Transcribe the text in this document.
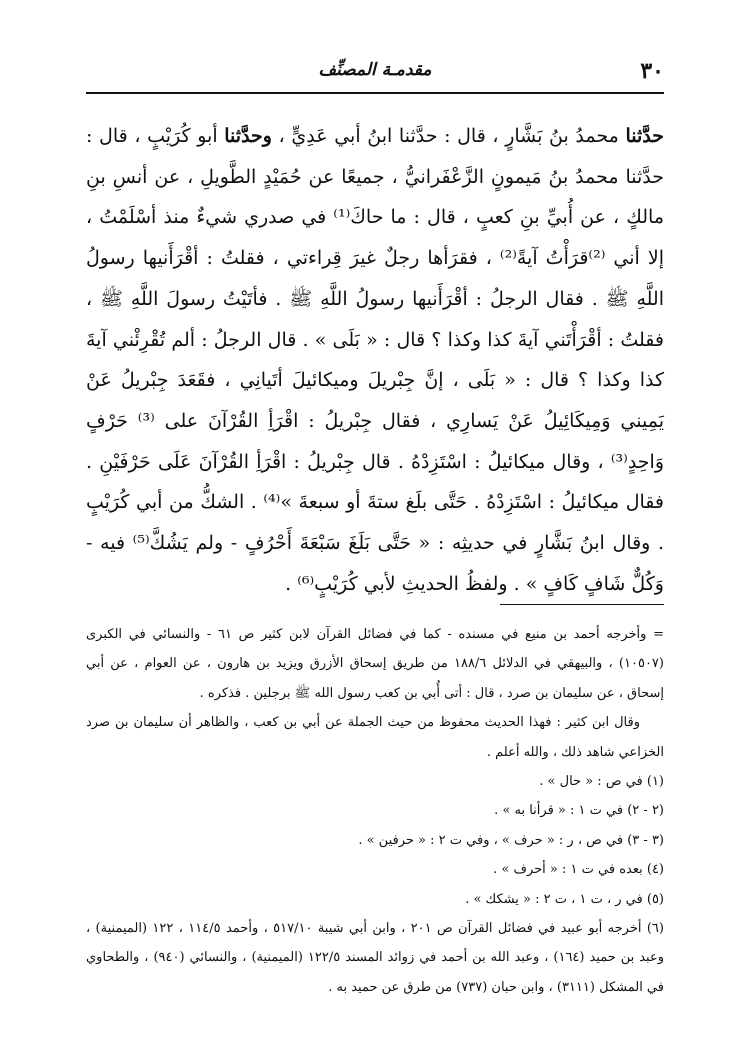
٣٠
مقدمـة المصنِّف

حدَّثنا محمدُ بنُ بَشَّارٍ ، قال : حدَّثنا ابنُ أبي عَدِيٍّ ، وحدَّثنا أبو كُرَيْبٍ ، قال : حدَّثنا محمدُ بنُ مَيمونٍ الزَّعْفَرانيُّ ، جميعًا عن حُمَيْدٍ الطَّويلِ ، عن أنسِ بنِ مالكٍ ، عن أُبيِّ بنِ كعبٍ ، قال : ما حاكَ⁽¹⁾ في صدري شيءٌ منذ أسْلَمْتُ ، إلا أني ⁽²⁾قرَأْتُ آيةً⁽²⁾ ، فقرَأها رجلٌ غيرَ قِراءتي ، فقلتُ : أقْرَأَنيها رسولُ اللَّهِ ﷺ . فقال الرجلُ : أقْرَأَنيها رسولُ اللَّهِ ﷺ . فأتَيْتُ رسولَ اللَّهِ ﷺ ، فقلتُ : أقْرَأْتَني آيةَ كذا وكذا ؟ قال : « بَلَى » . قال الرجلُ : ألم تُقْرِئْني آيةَ كذا وكذا ؟ قال : « بَلَى ، إنَّ جِبْريلَ وميكائيلَ أتَيانِي ، فقَعَدَ جِبْريلُ عَنْ يَمِيني وَمِيكَائِيلُ عَنْ يَسارِي ، فقال جِبْريلُ : اقْرَأِ القُرْآنَ على ⁽³⁾ حَرْفٍ وَاحِدٍ⁽³⁾ ، وقال ميكائيلُ : اسْتَزِدْهُ . قال جِبْريلُ : اقْرَأِ القُرْآنَ عَلَى حَرْفَيْنِ . فقال ميكائيلُ : اسْتَزِدْهُ . حَتَّى بلَغ ستةَ أو سبعةَ »⁽⁴⁾ . الشكُّ من أبي كُرَيْبٍ . وقال ابنُ بَشَّارٍ في حديثِه : « حَتَّى بَلَغَ سَبْعَةَ أَحْرُفٍ - ولم يَشُكَّ⁽⁵⁾ فيه - وَكُلٌّ شَافٍ كَافٍ » . ولفظُ الحديثِ لأبي كُرَيْبٍ⁽⁶⁾ .

= وأخرجه أحمد بن منيع في مسنده - كما في فضائل القرآن لابن كثير ص ٦١ - والنسائي في الكبرى (١٠٥٠٧) ، والبيهقي في الدلائل ١٨٨/٦ من طريق إسحاق الأزرق ويزيد بن هارون ، عن العوام ، عن أبي إسحاق ، عن سليمان بن صرد ، قال : أتى أُبي بن كعب رسول الله ﷺ برجلين . فذكره .

وقال ابن كثير : فهذا الحديث محفوظ من حيث الجملة عن أبي بن كعب ، والظاهر أن سليمان بن صرد الخزاعي شاهد ذلك ، والله أعلم .

(١) في ص : « حال » .

(٢ - ٢) في ت ١ : « قرأنا به » .

(٣ - ٣) في ص ، ر : « حرف » ، وفي ت ٢ : « حرفين » .

(٤) بعده في ت ١ : « أحرف » .

(٥) في ر ، ت ١ ، ت ٢ : « يشكك » .

(٦) أخرجه أبو عبيد في فضائل القرآن ص ٢٠١ ، وابن أبي شيبة ٥١٧/١٠ ، وأحمد ١١٤/٥ ، ١٢٢ (الميمنية) ، وعبد بن حميد (١٦٤) ، وعبد الله بن أحمد في زوائد المسند ١٢٢/٥ (الميمنية) ، والنسائي (٩٤٠) ، والطحاوي في المشكل (٣١١١) ، وابن حبان (٧٣٧) من طرق عن حميد به .
